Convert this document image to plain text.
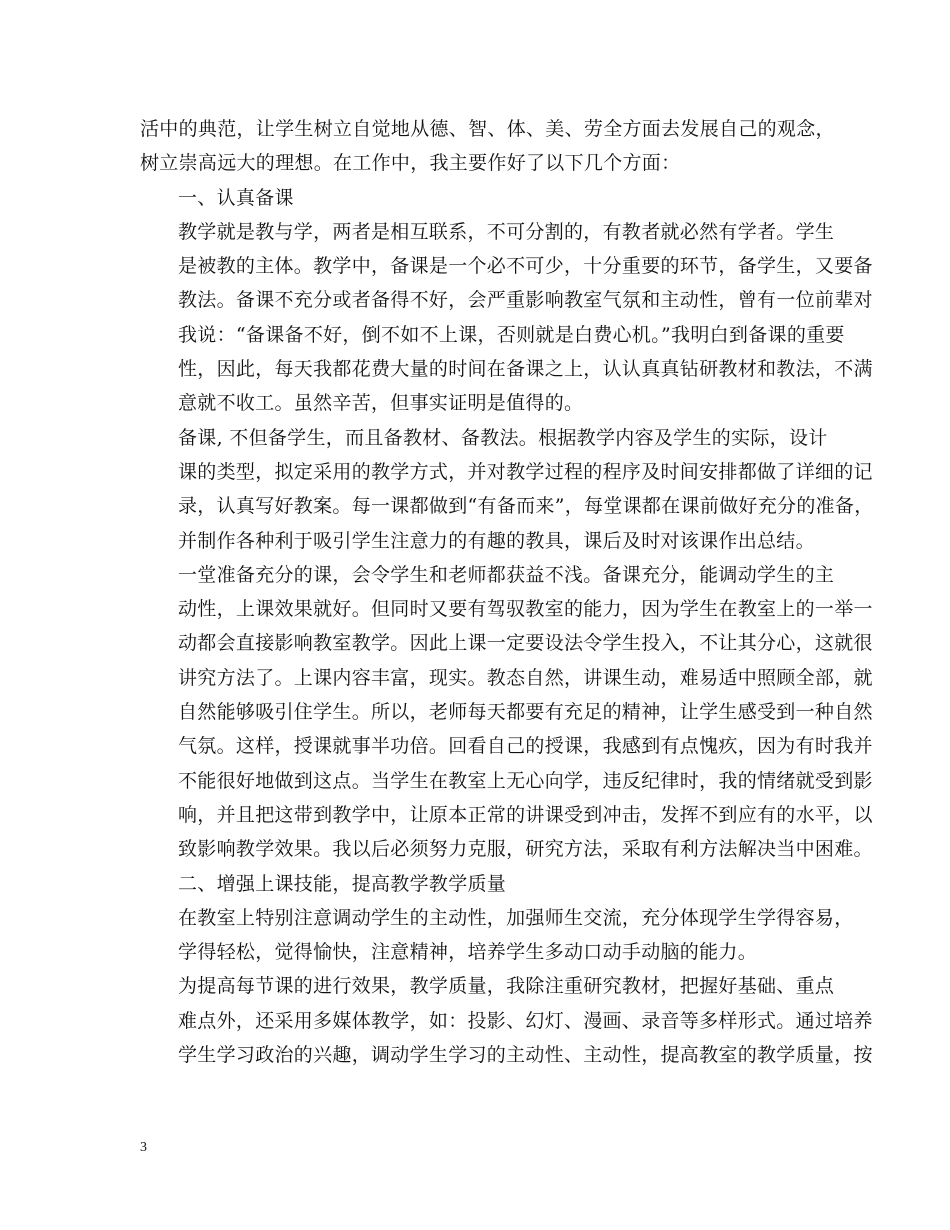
活中的典范，让学生树立自觉地从德、智、体、美、劳全方面去发展自己的观念，
树立崇高远大的理想。在工作中，我主要作好了以下几个方面：

一、认真备课

教学就是教与学，两者是相互联系，不可分割的，有教者就必然有学者。学生
是被教的主体。教学中，备课是一个必不可少，十分重要的环节，备学生，又要备
教法。备课不充分或者备得不好，会严重影响教室气氛和主动性，曾有一位前辈对
我说：“备课备不好，倒不如不上课，否则就是白费心机。”我明白到备课的重要
性，因此，每天我都花费大量的时间在备课之上，认认真真钻研教材和教法，不满
意就不收工。虽然辛苦，但事实证明是值得的。

备课, 不但备学生，而且备教材、备教法。根据教学内容及学生的实际，设计
课的类型，拟定采用的教学方式，并对教学过程的程序及时间安排都做了详细的记
录，认真写好教案。每一课都做到“有备而来”，每堂课都在课前做好充分的准备，
并制作各种利于吸引学生注意力的有趣的教具，课后及时对该课作出总结。

一堂准备充分的课，会令学生和老师都获益不浅。备课充分，能调动学生的主
动性，上课效果就好。但同时又要有驾驭教室的能力，因为学生在教室上的一举一
动都会直接影响教室教学。因此上课一定要设法令学生投入，不让其分心，这就很
讲究方法了。上课内容丰富，现实。教态自然，讲课生动，难易适中照顾全部，就
自然能够吸引住学生。所以，老师每天都要有充足的精神，让学生感受到一种自然
气氛。这样，授课就事半功倍。回看自己的授课，我感到有点愧疚，因为有时我并
不能很好地做到这点。当学生在教室上无心向学，违反纪律时，我的情绪就受到影
响，并且把这带到教学中，让原本正常的讲课受到冲击，发挥不到应有的水平，以
致影响教学效果。我以后必须努力克服，研究方法，采取有利方法解决当中困难。

二、增强上课技能，提高教学教学质量

在教室上特别注意调动学生的主动性，加强师生交流，充分体现学生学得容易，
学得轻松，觉得愉快，注意精神，培养学生多动口动手动脑的能力。

为提高每节课的进行效果，教学质量，我除注重研究教材，把握好基础、重点
难点外，还采用多媒体教学，如：投影、幻灯、漫画、录音等多样形式。通过培养
学生学习政治的兴趣，调动学生学习的主动性、主动性，提高教室的教学质量，按

3
